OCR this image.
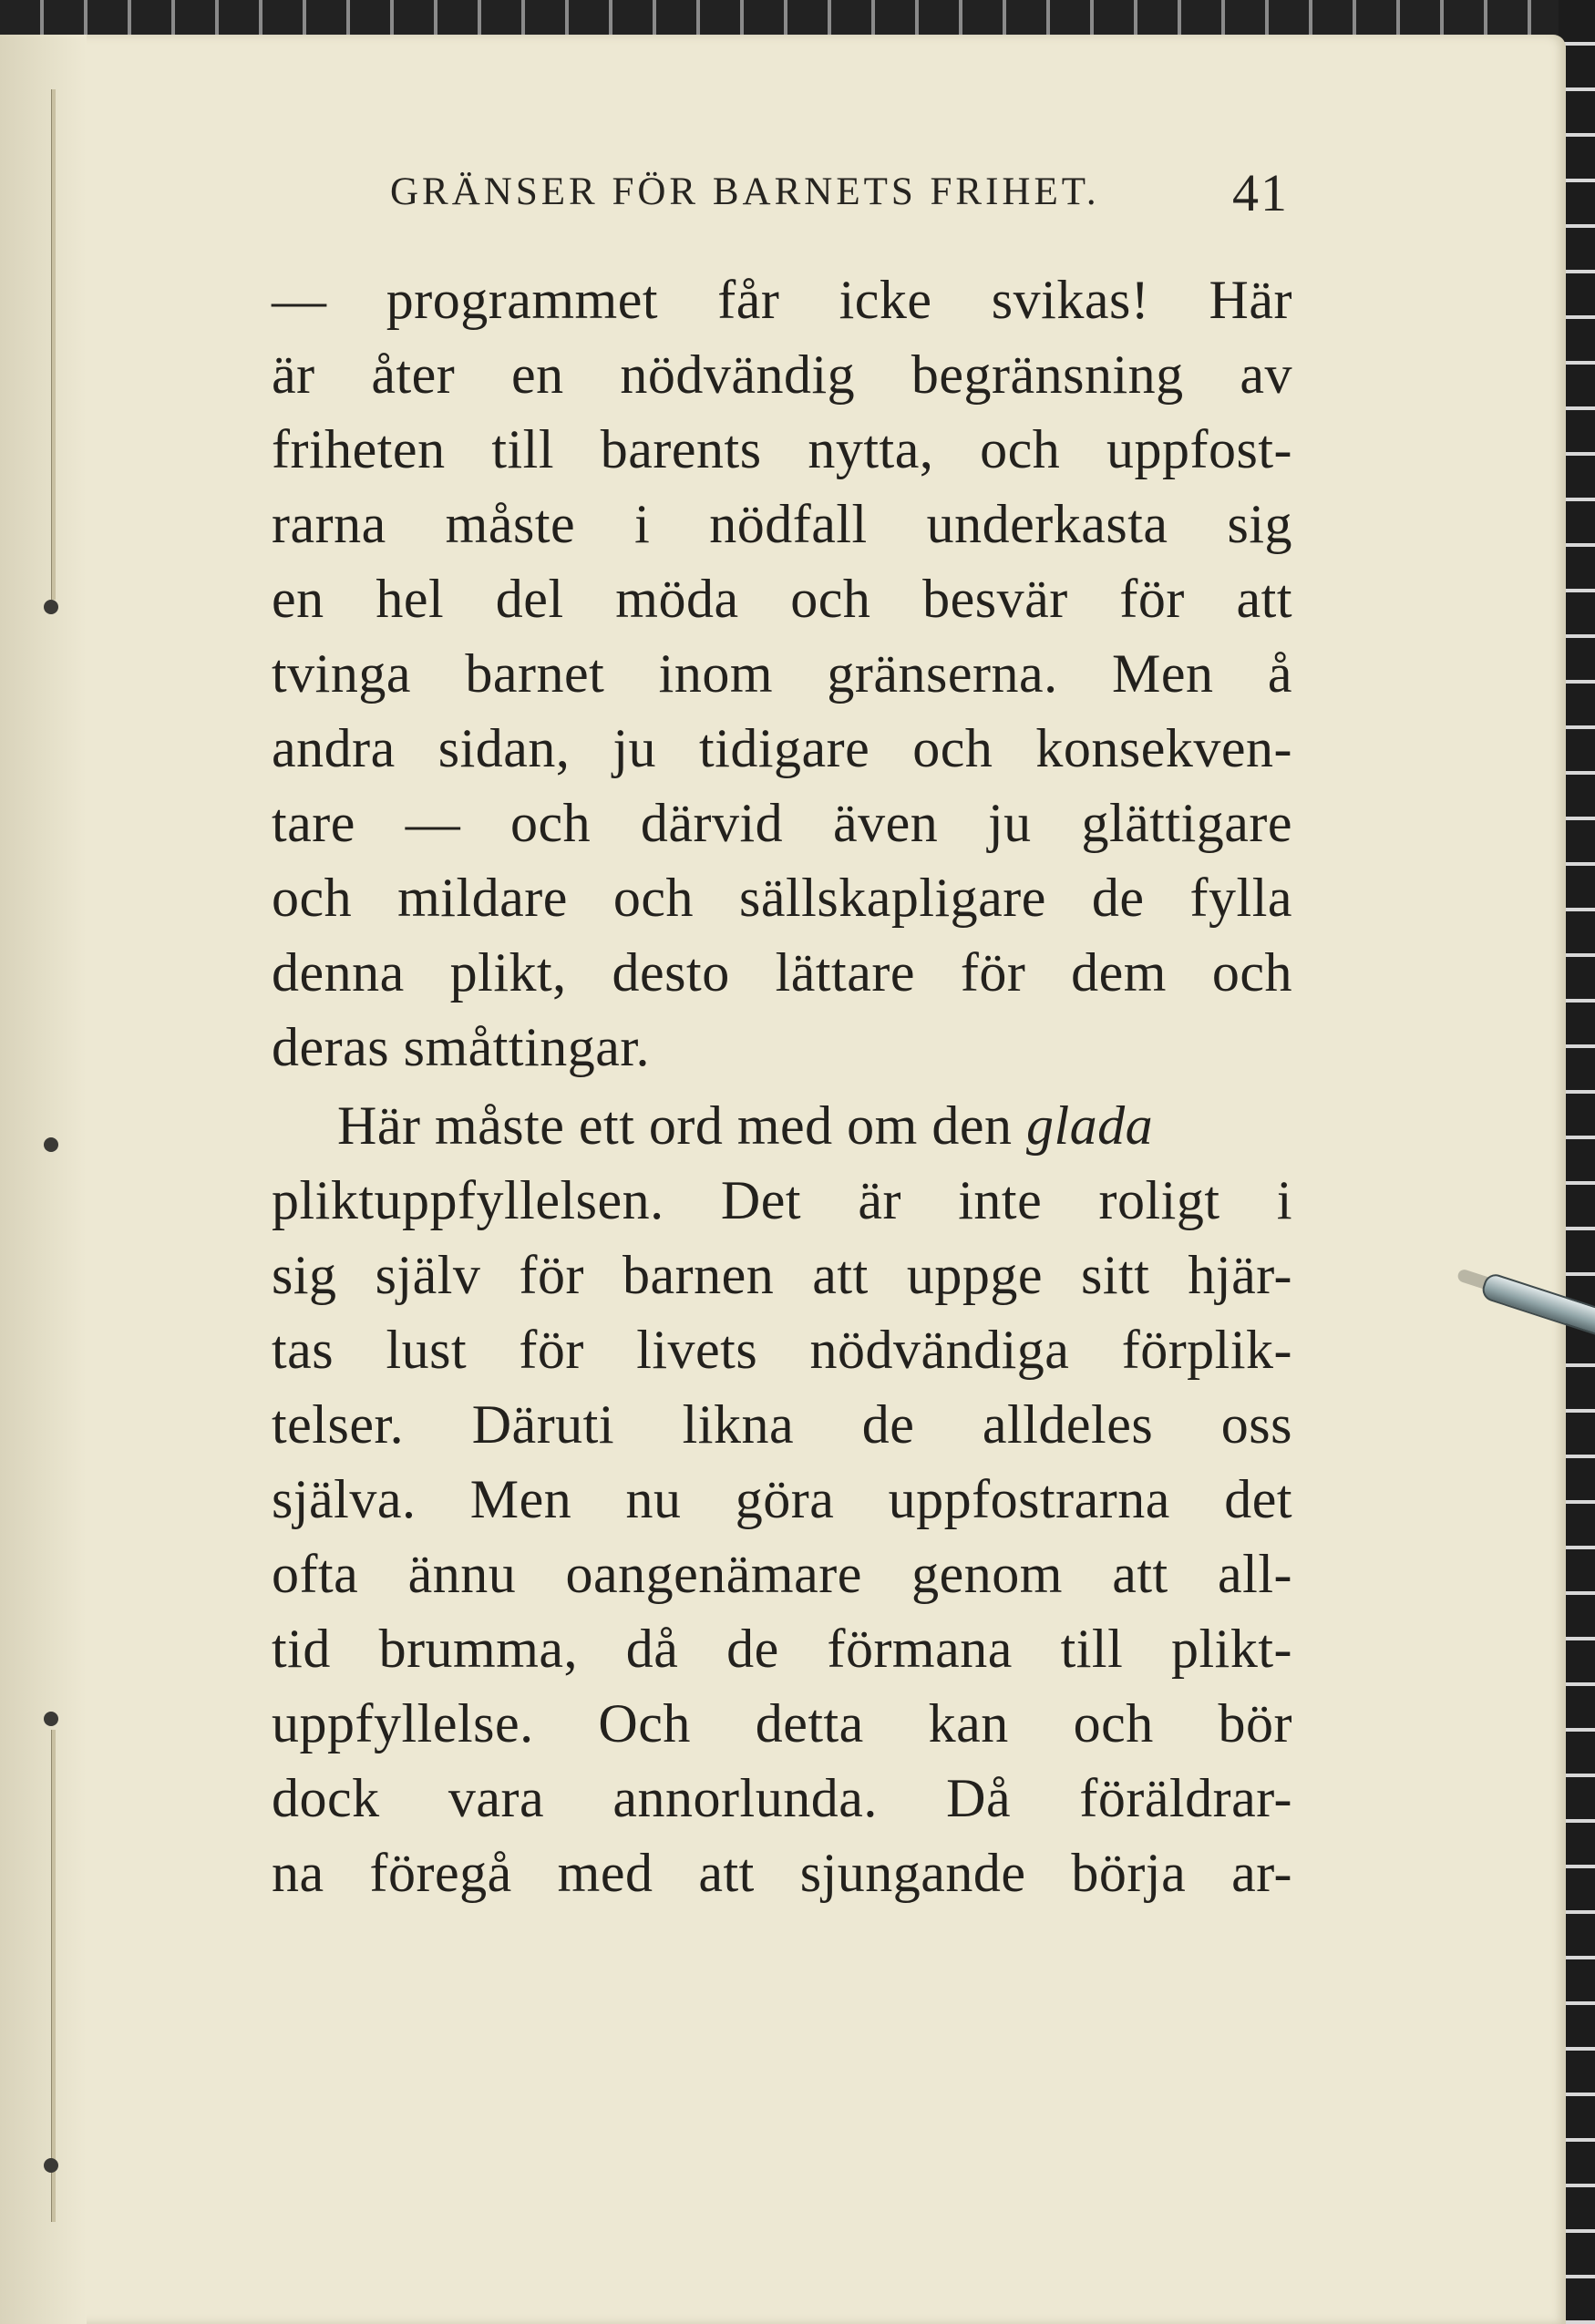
GRÄNSER FÖR BARNETS FRIHET.	41
— programmet får icke svikas! Här
är åter en nödvändig begränsning av
friheten till barents nytta, och uppfost-
rarna måste i nödfall underkasta sig
en hel del möda och besvär för att
tvinga barnet inom gränserna. Men å
andra sidan, ju tidigare och konsekven-
tare — och därvid även ju glättigare
och mildare och sällskapligare de fylla
denna plikt, desto lättare för dem och
deras småttingar.
Här måste ett ord med om den glada
pliktuppfyllelsen. Det är inte roligt i
sig själv för barnen att uppge sitt hjär-
tas lust för livets nödvändiga förplik-
telser. Däruti likna de alldeles oss
själva. Men nu göra uppfostrarna det
ofta ännu oangenämare genom att all-
tid brumma, då de förmana till plikt-
uppfyllelse. Och detta kan och bör
dock vara annorlunda. Då föräldrar-
na föregå med att sjungande börja ar-
